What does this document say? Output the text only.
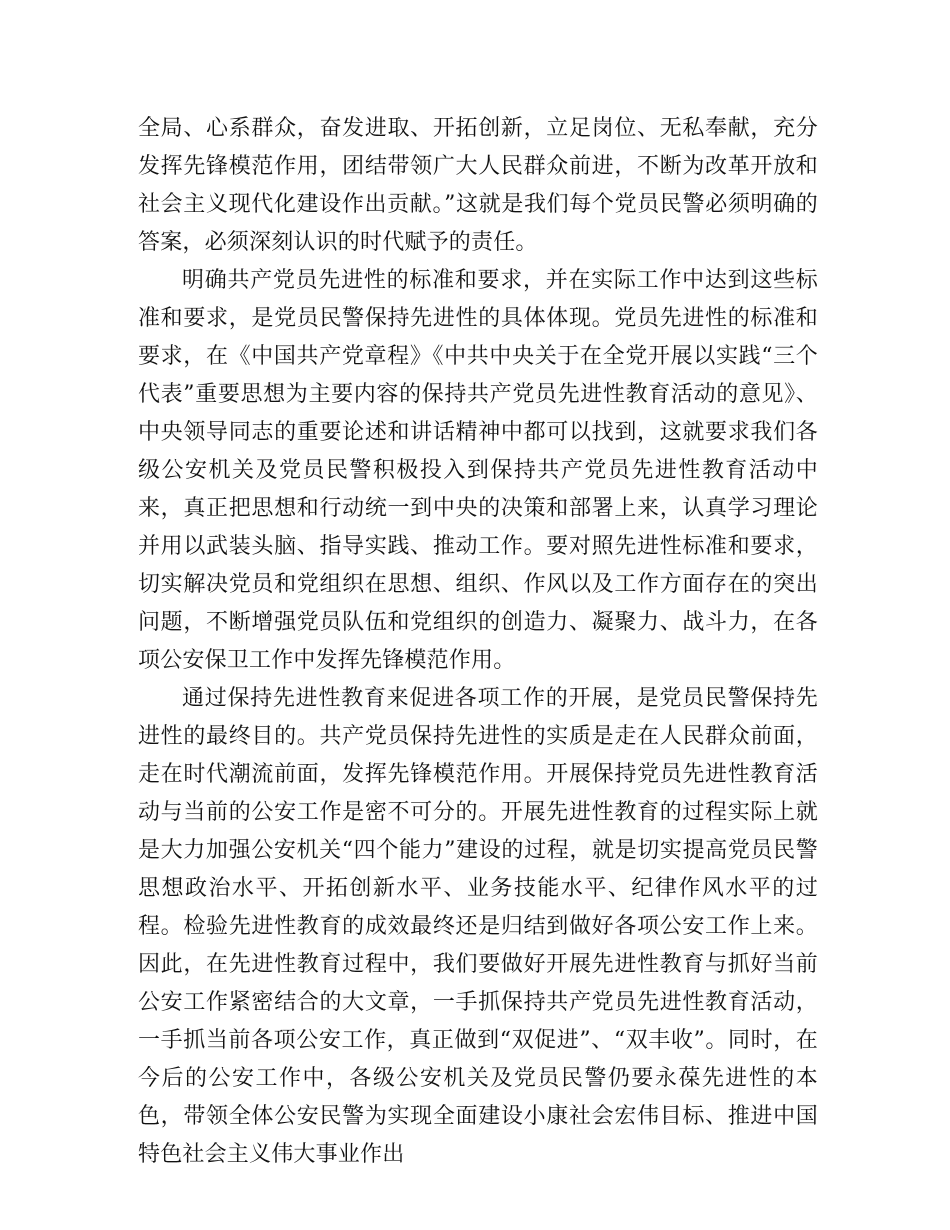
全局、心系群众，奋发进取、开拓创新，立足岗位、无私奉献，充分发挥先锋模范作用，团结带领广大人民群众前进，不断为改革开放和社会主义现代化建设作出贡献。”这就是我们每个党员民警必须明确的答案，必须深刻认识的时代赋予的责任。

明确共产党员先进性的标准和要求，并在实际工作中达到这些标准和要求，是党员民警保持先进性的具体体现。党员先进性的标准和要求，在《中国共产党章程》《中共中央关于在全党开展以实践“三个代表”重要思想为主要内容的保持共产党员先进性教育活动的意见》、中央领导同志的重要论述和讲话精神中都可以找到，这就要求我们各级公安机关及党员民警积极投入到保持共产党员先进性教育活动中来，真正把思想和行动统一到中央的决策和部署上来，认真学习理论并用以武装头脑、指导实践、推动工作。要对照先进性标准和要求，切实解决党员和党组织在思想、组织、作风以及工作方面存在的突出问题，不断增强党员队伍和党组织的创造力、凝聚力、战斗力，在各项公安保卫工作中发挥先锋模范作用。

通过保持先进性教育来促进各项工作的开展，是党员民警保持先进性的最终目的。共产党员保持先进性的实质是走在人民群众前面，走在时代潮流前面，发挥先锋模范作用。开展保持党员先进性教育活动与当前的公安工作是密不可分的。开展先进性教育的过程实际上就是大力加强公安机关“四个能力”建设的过程，就是切实提高党员民警思想政治水平、开拓创新水平、业务技能水平、纪律作风水平的过程。检验先进性教育的成效最终还是归结到做好各项公安工作上来。因此，在先进性教育过程中，我们要做好开展先进性教育与抓好当前公安工作紧密结合的大文章，一手抓保持共产党员先进性教育活动，一手抓当前各项公安工作，真正做到“双促进”、“双丰收”。同时，在今后的公安工作中，各级公安机关及党员民警仍要永葆先进性的本色，带领全体公安民警为实现全面建设小康社会宏伟目标、推进中国特色社会主义伟大事业作出
